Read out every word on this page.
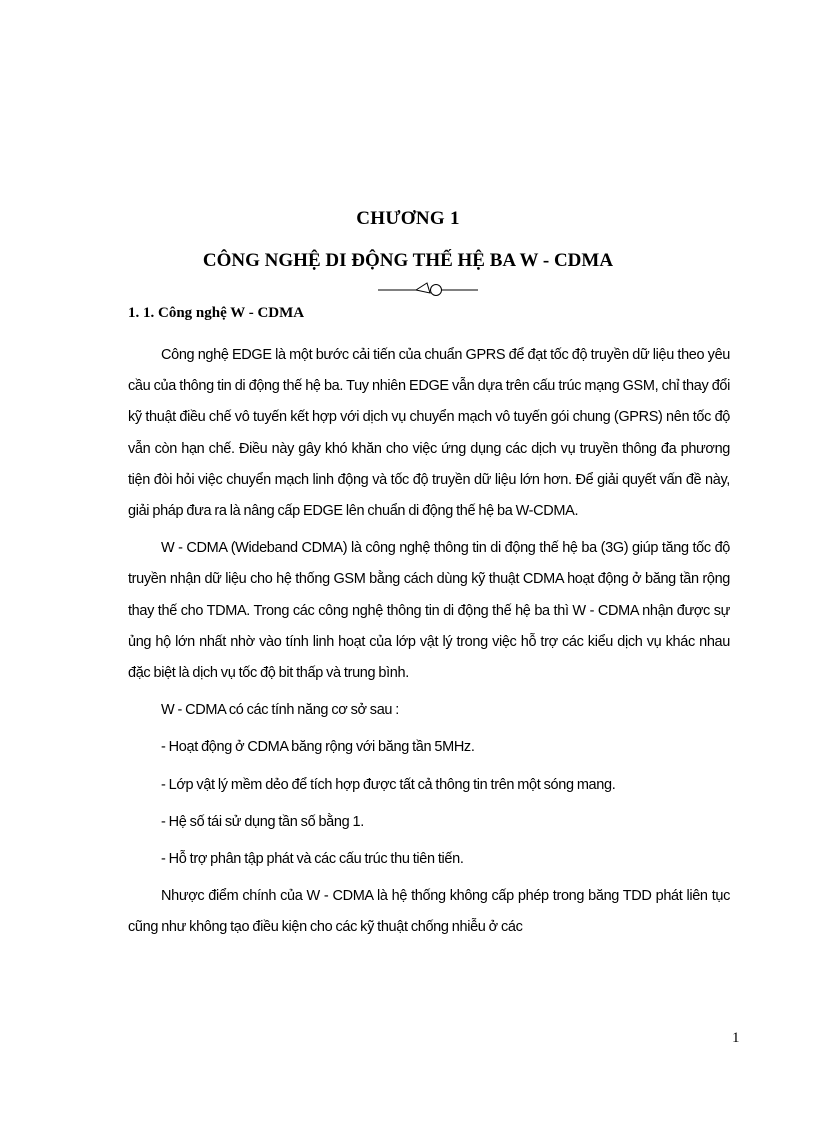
CHƯƠNG 1
CÔNG NGHỆ DI ĐỘNG THẾ HỆ BA W - CDMA
1. 1. Công nghệ W - CDMA

Công nghệ EDGE là một bước cải tiến của chuẩn GPRS để đạt tốc độ truyền dữ liệu theo yêu cầu của thông tin di động thế hệ ba. Tuy nhiên EDGE vẫn dựa trên cấu trúc mạng GSM, chỉ thay đổi kỹ thuật điều chế vô tuyến kết hợp với dịch vụ chuyển mạch vô tuyến gói chung (GPRS) nên tốc độ vẫn còn hạn chế. Điều này gây khó khăn cho việc ứng dụng các dịch vụ truyền thông đa phương tiện đòi hỏi việc chuyển mạch linh động và tốc độ truyền dữ liệu lớn hơn. Để giải quyết vấn đề này, giải pháp đưa ra là nâng cấp EDGE lên chuẩn di động thế hệ ba W-CDMA.

W - CDMA (Wideband CDMA) là công nghệ thông tin di động thế hệ ba (3G) giúp tăng tốc độ truyền nhận dữ liệu cho hệ thống GSM bằng cách dùng kỹ thuật CDMA hoạt động ở băng tần rộng thay thế cho TDMA. Trong các công nghệ thông tin di động thế hệ ba thì W - CDMA nhận được sự ủng hộ lớn nhất nhờ vào tính linh hoạt của lớp vật lý trong việc hỗ trợ các kiểu dịch vụ khác nhau đặc biệt là dịch vụ tốc độ bit thấp và trung bình.

W - CDMA có các tính năng cơ sở sau :

- Hoạt động ở CDMA băng rộng với băng tần 5MHz.

- Lớp vật lý mềm dẻo để tích hợp được tất cả thông tin trên một sóng mang.

- Hệ số tái sử dụng tần số bằng 1.

- Hỗ trợ phân tập phát và các cấu trúc thu tiên tiến.

Nhược điểm chính của W - CDMA là hệ thống không cấp phép trong băng TDD phát liên tục cũng như không tạo điều kiện cho các kỹ thuật chống nhiễu ở các

1
